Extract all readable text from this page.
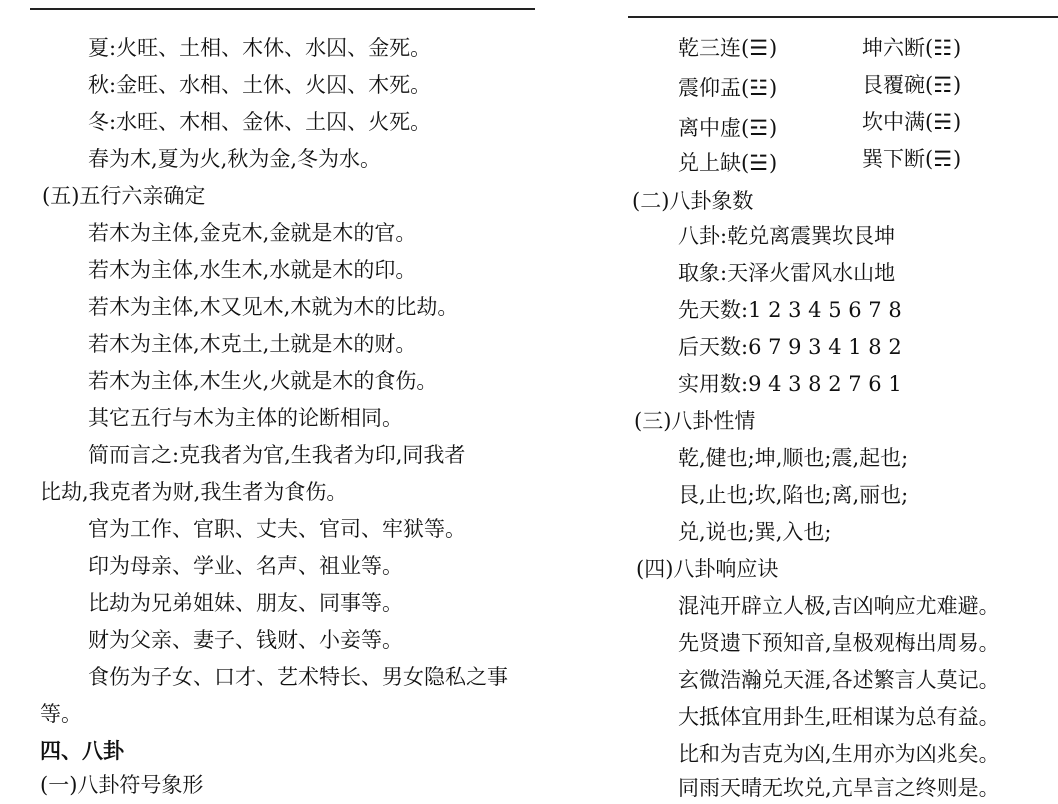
夏:火旺、土相、木休、水囚、金死。
秋:金旺、水相、土休、火囚、木死。
冬:水旺、木相、金休、土囚、火死。
春为木,夏为火,秋为金,冬为水。
(五)五行六亲确定
若木为主体,金克木,金就是木的官。
若木为主体,水生木,水就是木的印。
若木为主体,木又见木,木就为木的比劫。
若木为主体,木克土,土就是木的财。
若木为主体,木生火,火就是木的食伤。
其它五行与木为主体的论断相同。
简而言之:克我者为官,生我者为印,同我者
比劫,我克者为财,我生者为食伤。
官为工作、官职、丈夫、官司、牢狱等。
印为母亲、学业、名声、祖业等。
比劫为兄弟姐妹、朋友、同事等。
财为父亲、妻子、钱财、小妾等。
食伤为子女、口才、艺术特长、男女隐私之事
等。
四、八卦
(一)八卦符号象形
(二)八卦象数
八卦:乾兑离震巽坎艮坤
取象:天泽火雷风水山地
先天数:1 2 3 4 5 6 7 8
后天数:6 7 9 3 4 1 8 2
实用数:9 4 3 8 2 7 6 1
(三)八卦性情
乾,健也;坤,顺也;震,起也;
艮,止也;坎,陷也;离,丽也;
兑,说也;巽,入也;
(四)八卦响应诀
混沌开辟立人极,吉凶响应尤难避。
先贤遗下预知音,皇极观梅出周易。
玄微浩瀚兑天涯,各述繁言人莫记。
大抵体宜用卦生,旺相谋为总有益。
比和为吉克为凶,生用亦为凶兆矣。
同雨天晴无坎兑,亢旱言之终则是。
乾三连(☰)	坤六断(☷)
震仰盂(☳)	艮覆碗(☶)
离中虚(☲)	坎中满(☵)
兑上缺(☱)	巽下断(☴)
